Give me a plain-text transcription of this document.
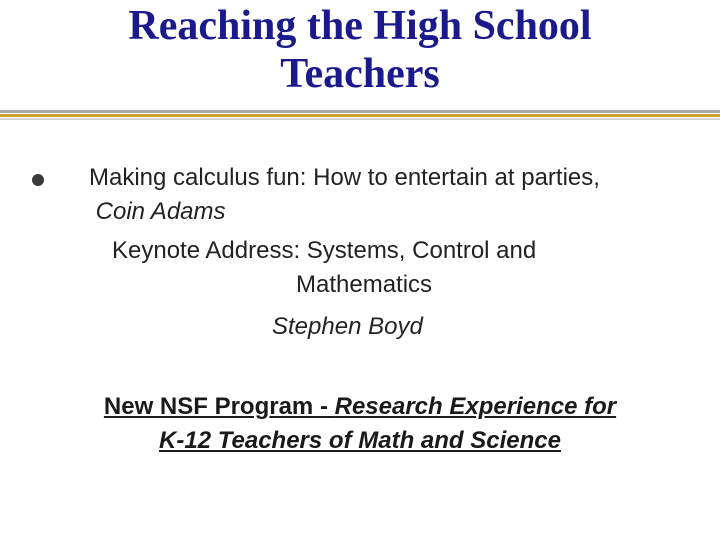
Reaching the High School
Teachers
Making calculus fun: How to entertain at parties,  Coin Adams
Keynote Address: Systems, Control and
Mathematics
Stephen Boyd
New NSF Program - Research Experience for
K-12 Teachers of Math and Science
